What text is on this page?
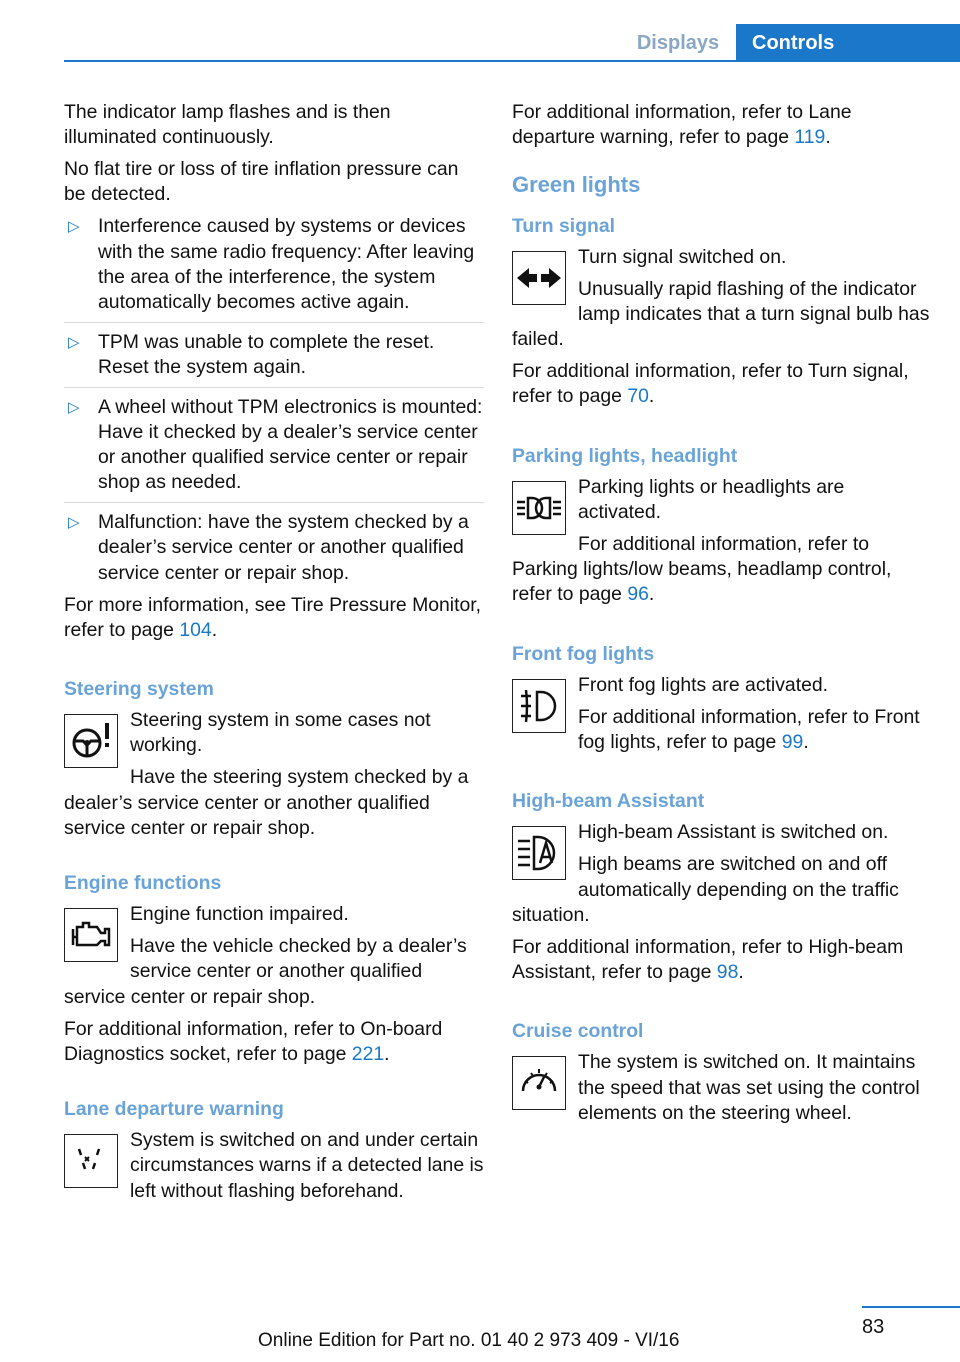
Displays	Controls

The indicator lamp flashes and is then illuminated continuously.

No flat tire or loss of tire inflation pressure can be detected.

▷ Interference caused by systems or devices with the same radio frequency: After leaving the area of the interference, the system automatically becomes active again.
▷ TPM was unable to complete the reset. Reset the system again.
▷ A wheel without TPM electronics is mounted: Have it checked by a dealer’s service center or another qualified service center or repair shop as needed.
▷ Malfunction: have the system checked by a dealer’s service center or another qualified service center or repair shop.

For more information, see Tire Pressure Monitor, refer to page 104.

Steering system

Steering system in some cases not working.

Have the steering system checked by a dealer’s service center or another qualified service center or repair shop.

Engine functions

Engine function impaired.

Have the vehicle checked by a dealer’s service center or another qualified service center or repair shop.

For additional information, refer to On-board Diagnostics socket, refer to page 221.

Lane departure warning

System is switched on and under certain circumstances warns if a detected lane is left without flashing beforehand.

For additional information, refer to Lane departure warning, refer to page 119.

Green lights
Turn signal

Turn signal switched on.

Unusually rapid flashing of the indicator lamp indicates that a turn signal bulb has failed.

For additional information, refer to Turn signal, refer to page 70.

Parking lights, headlight

Parking lights or headlights are activated.

For additional information, refer to Parking lights/low beams, headlamp control, refer to page 96.

Front fog lights

Front fog lights are activated.

For additional information, refer to Front fog lights, refer to page 99.

High-beam Assistant

High-beam Assistant is switched on.

High beams are switched on and off automatically depending on the traffic situation.

For additional information, refer to High-beam Assistant, refer to page 98.

Cruise control

The system is switched on. It maintains the speed that was set using the control elements on the steering wheel.

83
Online Edition for Part no. 01 40 2 973 409 - VI/16
